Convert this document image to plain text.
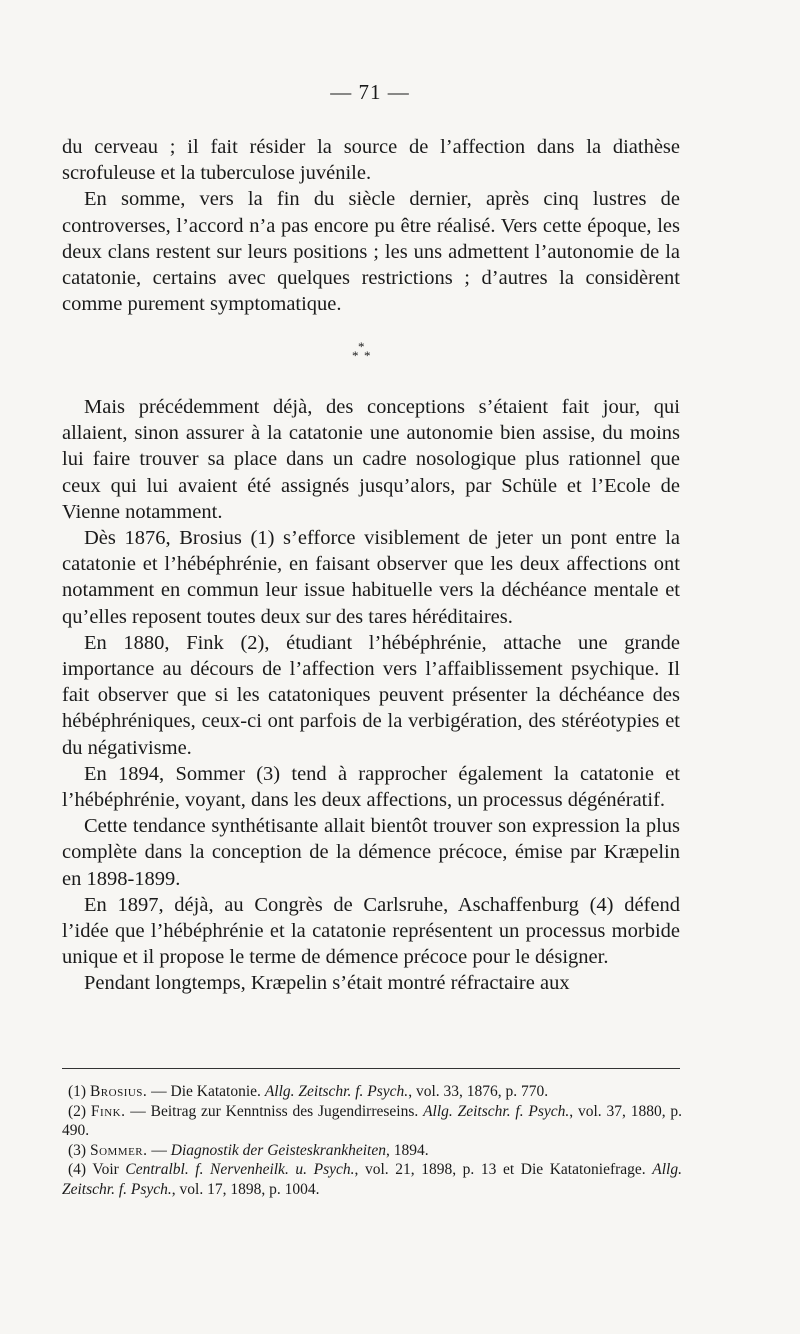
— 71 —

du cerveau ; il fait résider la source de l’affection dans la diathèse scrofuleuse et la tuberculose juvénile.

En somme, vers la fin du siècle dernier, après cinq lustres de controverses, l’accord n’a pas encore pu être réalisé. Vers cette époque, les deux clans restent sur leurs positions ; les uns admettent l’autonomie de la catatonie, certains avec quelques restrictions ; d’autres la considèrent comme purement symptomatique.

*
* *

Mais précédemment déjà, des conceptions s’étaient fait jour, qui allaient, sinon assurer à la catatonie une autonomie bien assise, du moins lui faire trouver sa place dans un cadre nosologique plus rationnel que ceux qui lui avaient été assignés jusqu’alors, par Schüle et l’Ecole de Vienne notamment.

Dès 1876, Brosius (1) s’efforce visiblement de jeter un pont entre la catatonie et l’hébéphrénie, en faisant observer que les deux affections ont notamment en commun leur issue habituelle vers la déchéance mentale et qu’elles reposent toutes deux sur des tares héréditaires.

En 1880, Fink (2), étudiant l’hébéphrénie, attache une grande importance au décours de l’affection vers l’affaiblissement psychique. Il fait observer que si les catatoniques peuvent présenter la déchéance des hébéphréniques, ceux-ci ont parfois de la verbigération, des stéréotypies et du négativisme.

En 1894, Sommer (3) tend à rapprocher également la catatonie et l’hébéphrénie, voyant, dans les deux affections, un processus dégénératif.

Cette tendance synthétisante allait bientôt trouver son expression la plus complète dans la conception de la démence précoce, émise par Kræpelin en 1898-1899.

En 1897, déjà, au Congrès de Carlsruhe, Aschaffenburg (4) défend l’idée que l’hébéphrénie et la catatonie représentent un processus morbide unique et il propose le terme de démence précoce pour le désigner.

Pendant longtemps, Kræpelin s’était montré réfractaire aux

(1) Brosius. — Die Katatonie. Allg. Zeitschr. f. Psych., vol. 33, 1876, p. 770.

(2) Fink. — Beitrag zur Kenntniss des Jugendirreseins. Allg. Zeitschr. f. Psych., vol. 37, 1880, p. 490.

(3) Sommer. — Diagnostik der Geisteskrankheiten, 1894.

(4) Voir Centralbl. f. Nervenheilk. u. Psych., vol. 21, 1898, p. 13 et Die Katatoniefrage. Allg. Zeitschr. f. Psych., vol. 17, 1898, p. 1004.
